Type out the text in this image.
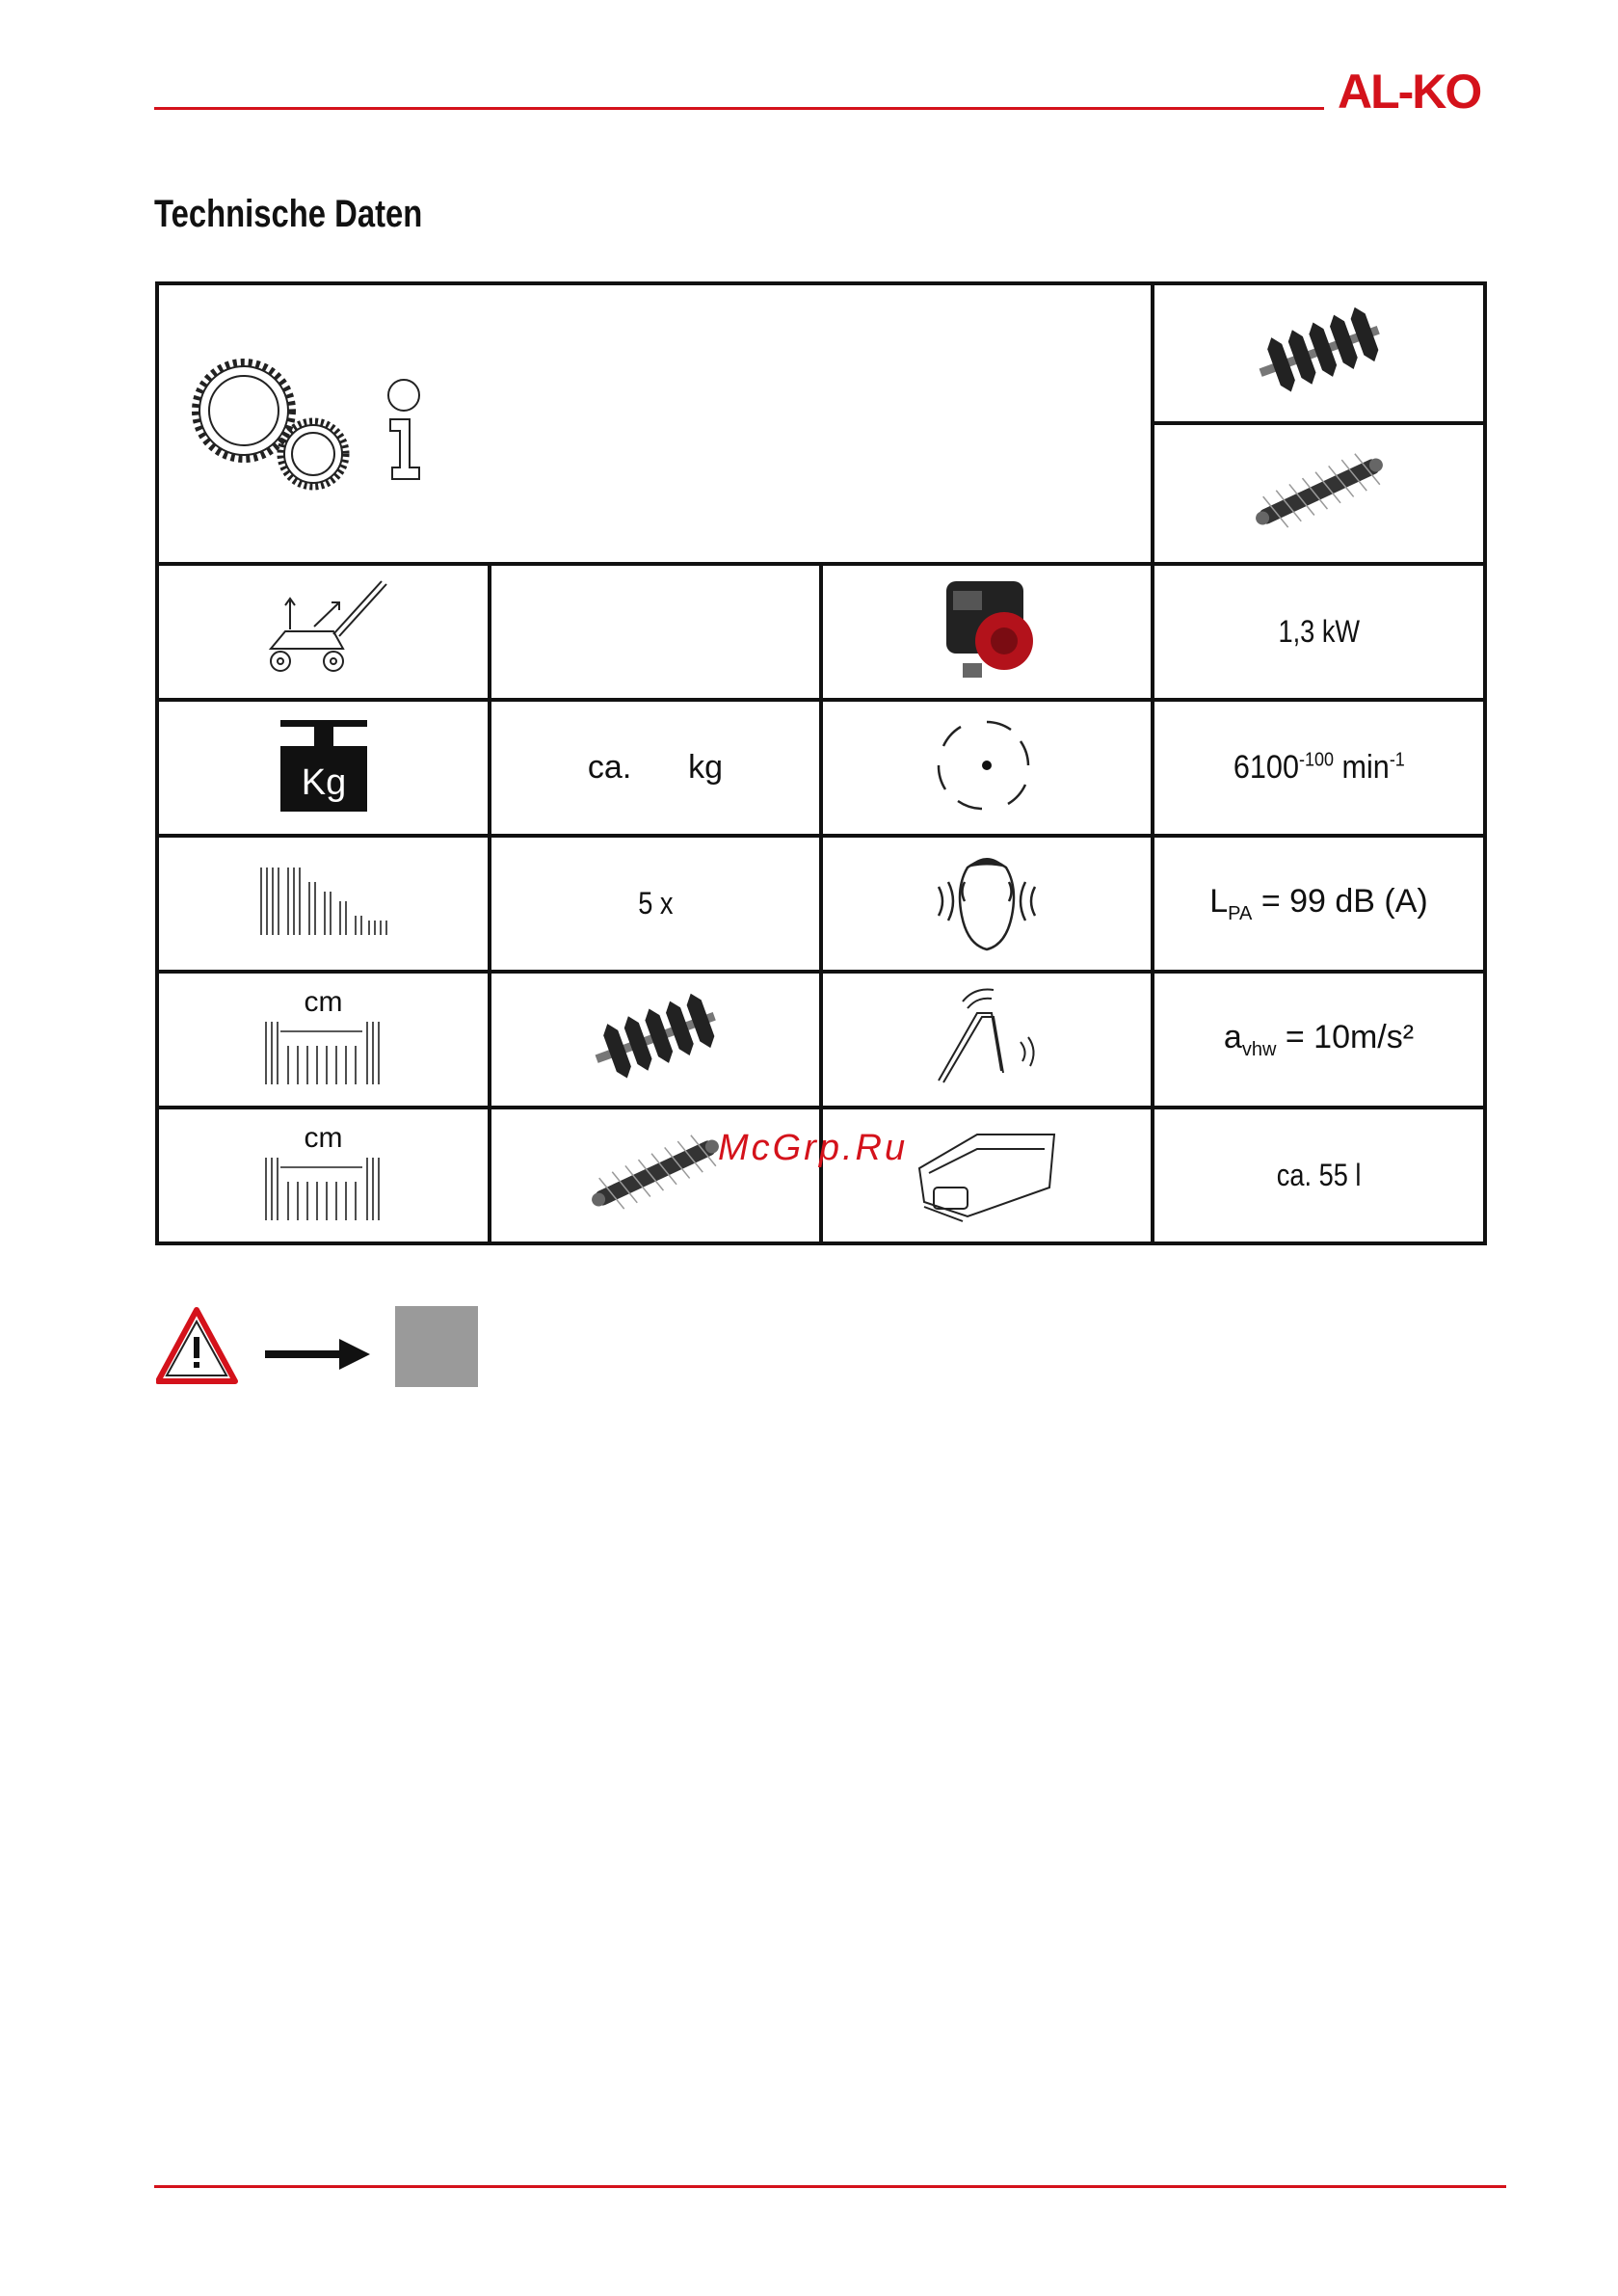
AL-KO
Technische Daten

			1,3 kW

Kg	ca. kg		$6100^{-100}$ $\min^{-1}$
	5 x		$L_{PA} = 99$ dB (A)

cm			$a_{vhw} = 10m/s^2$

cm			ca. 55 l
McGrp.Ru
